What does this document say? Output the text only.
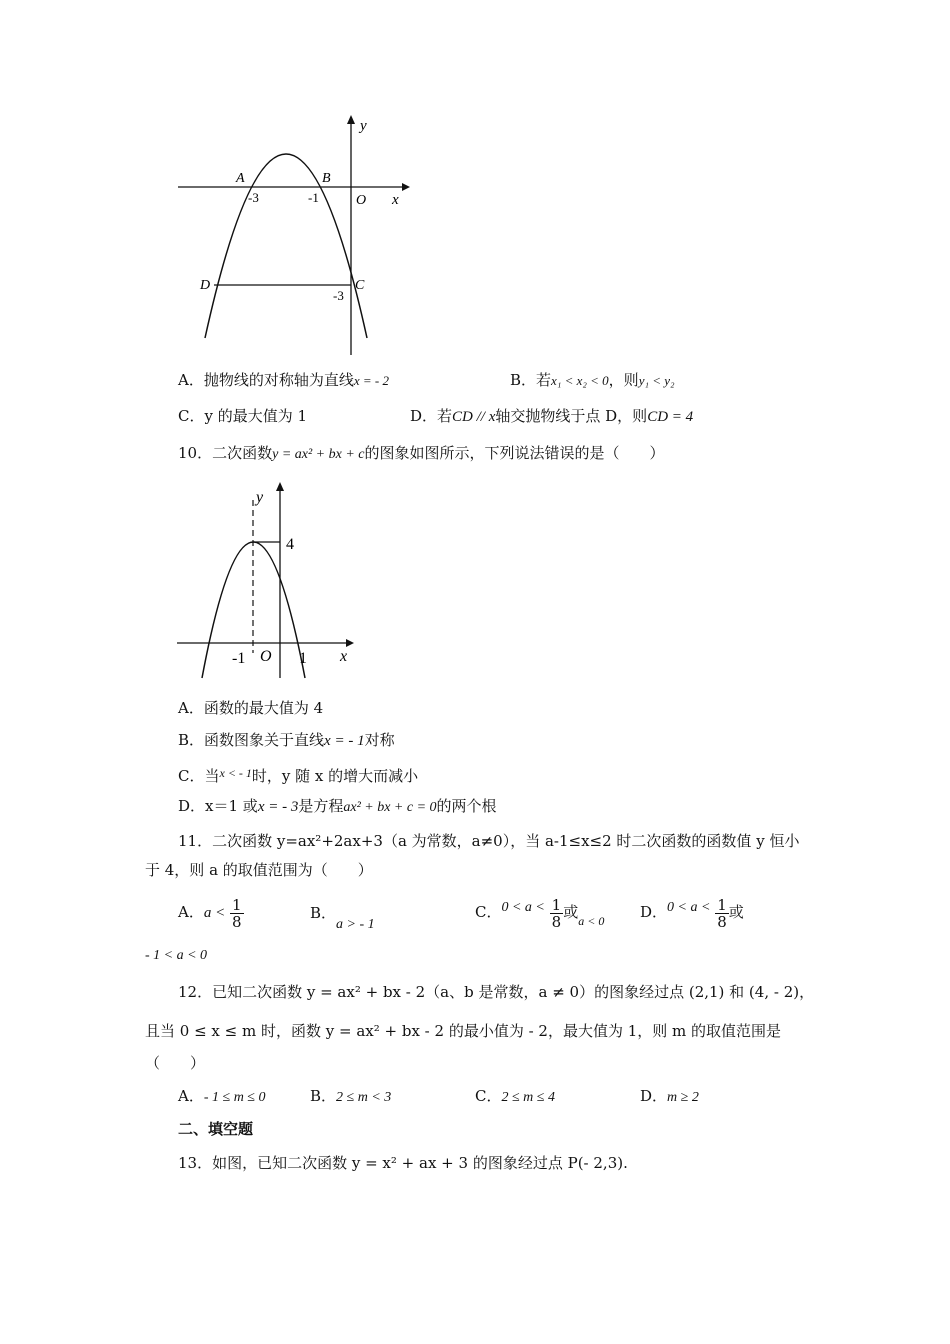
y
x
O
A	B
C
D
-3	-1
-3
A．抛物线的对称轴为直线x = - 2	B．若x₁ < x₂ < 0，则y₁ < y₂
C．y 的最大值为 1	D．若CD // x轴交抛物线于点 D，则CD = 4
10．二次函数y = ax² + bx + c的图象如图所示，下列说法错误的是（　　）
y
x
O
4
-1	1
A．函数的最大值为 4
B．函数图象关于直线x = - 1对称
C．当$^{x < - 1}$时，y 随 x 的增大而减小
D．x＝1 或x = - 3是方程ax² + bx + c = 0的两个根
11．二次函数 y=ax²+2ax+3（a 为常数，a≠0），当 a-1≤x≤2 时二次函数的函数值 y 恒小
于 4，则 a 的取值范围为（　　）
A．$a < \frac{1}{8}$	B．a > - 1
C．$0 < a < \frac{1}{8}$ 或$_{a < 0}$ D．$0 < a < \frac{1}{8}$ 或
- 1 < a < 0
12．已知二次函数 y = ax² + bx - 2（a、b 是常数，a ≠ 0）的图象经过点 (2,1) 和 (4, - 2)，
且当 0 ≤ x ≤ m 时，函数 y = ax² + bx - 2 的最小值为 - 2，最大值为 1，则 m 的取值范围是
（　　）
A．- 1 ≤ m ≤ 0	B．2 ≤ m < 3	C．2 ≤ m ≤ 4	D．m ≥ 2
二、填空题
13．如图，已知二次函数 y = x² + ax + 3 的图象经过点 P(- 2,3).
